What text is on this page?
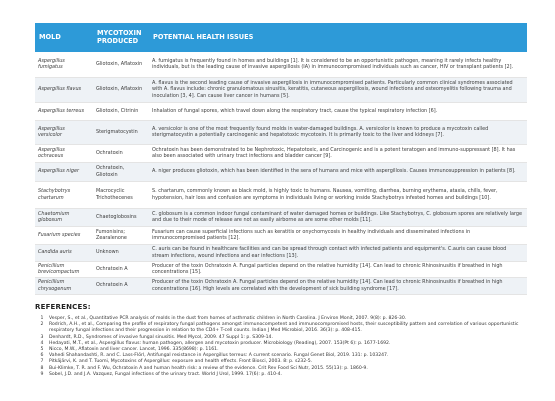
MOLD	MYCOTOXIN PRODUCED	POTENTIAL HEALTH ISSUES
Aspergillus fumigatus	Gliotoxin, Aflatoxin	A. fumigatus is frequently found in homes and buildings [1]. It is considered to be an opportunistic pathogen, meaning it rarely infects healthy individuals, but is the leading cause of invasive aspergillosis (IA) in immunocompromised individuals such as cancer, HIV or transplant patients [2].
Aspergillus flavus	Gliotoxin, Aflatoxin	A. flavus is the second leading cause of invasive aspergillosis in immunocompromised patients. Particularly common clinical syndromes associated with A. flavus include: chronic granulomatous sinusitis, keratitis, cutaneous aspergillosis, wound infections and osteomyelitis following trauma and inoculation [3, 4]. Can cause liver cancer in humans [5].
Aspergillus terreus	Gliotoxin, Citrinin	Inhalation of fungal spores, which travel down along the respiratory tract, cause the typical respiratory infection [6].
Aspergillus versicolor	Sterigmatocystin	A. versicolor is one of the most frequently found molds in water-damaged buildings. A. versicolor is known to produce a mycotoxin called sterigmatocystin a potentially carcinogenic and hepatotoxic mycotoxin. It is primarily toxic to the liver and kidneys [7].
Aspergillus ochraceus	Ochratoxin	Ochratoxin has been demonstrated to be Nephrotoxic, Hepatotoxic, and Carcinogenic and is a potent teratogen and immuno-suppressant [8]. It has also been associated with urinary tract infections and bladder cancer [9].
Aspergillus niger	Ochratoxin, Gliotoxin	A. niger produces gliotoxin, which has been identified in the sera of humans and mice with aspergillosis. Causes immunosuppression in patients [8].
Stachybotrys chartarum	Macrocyclic Trichothecenes	S. chartarum, commonly known as black mold, is highly toxic to humans. Nausea, vomiting, diarrhea, burning erythema, ataxia, chills, fever, hypotension, hair loss and confusion are symptoms in individuals living or working inside Stachybotrys infested homes and buildings [10].
Chaetomium globosum	Chaetoglobosins	C. globosum is a common indoor fungal contaminant of water damaged homes or buildings. Like Stachybotrys, C. globosum spores are relatively large and due to their mode of release are not as easily airborne as are some other molds [11].
Fusarium species	Fumonisins; Zearalenone	Fusarium can cause superficial infections such as keratitis or onychomycosis in healthy individuals and disseminated infections in immunocompromised patients [12].
Candida auris	Unknown	C. auris can be found in healthcare facilities and can be spread through contact with infected patients and equipment's. C.auris can cause blood stream infections, wound infections and ear infections [13].
Penicillium brevicompactum	Ochratoxin A	Producer of the toxin Ochratoxin A. Fungal particles depend on the relative humidity [14]. Can lead to chronic Rhinosinusitis if breathed in high concentrations [15].
Penicillium chrysogenum	Ochratoxin A	Producer of the toxin Ochratoxin A. Fungal particles depend on the relative humidity [14]. Can lead to chronic Rhinosinusitis if breathed in high concentrations [16]. High levels are correlated with the development of sick building syndrome [17].
REFERENCES:
1	Vesper, S., et al., Quantitative PCR analysis of molds in the dust from homes of asthmatic children in North Carolina. J Environ Monit, 2007. 9(8): p. 826-30.
2	Rodrich, A.H., et al., Comparing the profile of respiratory fungal pathogens amongst immunocompetent and immunocompromised hosts, their susceptibility pattern and correlation of various opportunistic respiratory fungal infections and their progression in relation to the CD4+ T-cell counts. Indian J Med Microbiol, 2016. 36(3): p. 408-415.
3	Denhardt, R.D., Syndromes of invasive fungal sinusitis. Med Mycol, 2009. 47 Suppl 1: p. S309-14.
4	Hedayati, M.T., et al., Aspergillus flavus: human pathogen, allergen and mycotoxin producer. Microbiology (Reading), 2007. 153(Pt 6): p. 1677-1692.
5	Nicco, M.W., Aflatoxin and liver cancer. Lancet, 1996. 335(8698): p. 1161.
6	Vahedi Shahandashti, R. and C. Lass-Flörl, Antifungal resistance in Aspergillus terreus: A current scenario. Fungal Genet Biol, 2019. 131: p. 103247.
7	Pitkäjärvi, K. and T. Tuomi, Mycotoxins of Aspergillus: exposure and health effects. Front Biosci, 2003. 8: p. s232-5.
8	Bui-Klimke, T. R. and F. Wu, Ochratoxin A and human health risk: a review of the evidence. Crit Rev Food Sci Nutr, 2015. 55(13): p. 1860-9.
9	Sobel, J.D. and J.A. Vazquez, Fungal infections of the urinary tract. World J Urol, 1999. 17(6): p. 410-4.
